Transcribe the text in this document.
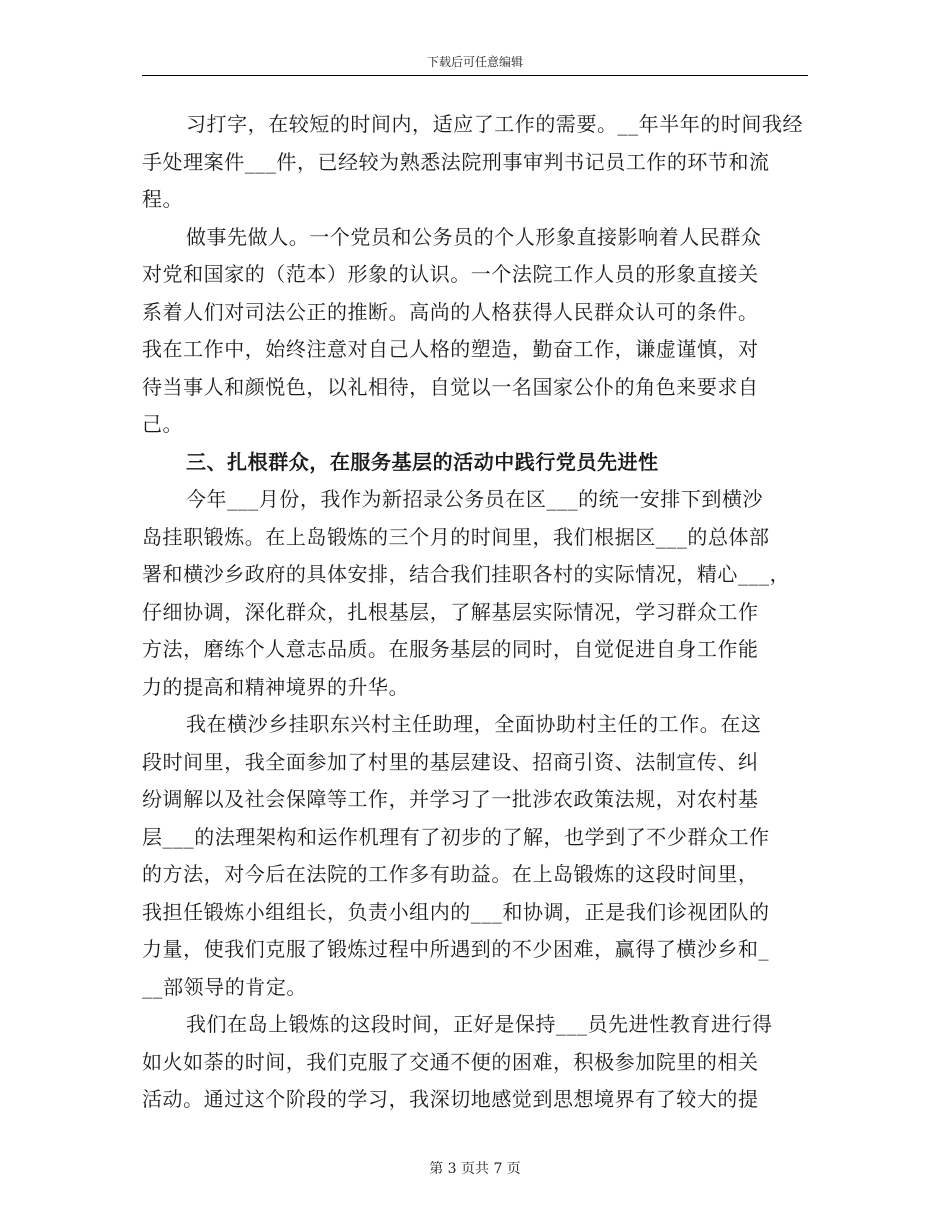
下载后可任意编辑
习打字，在较短的时间内，适应了工作的需要。__年半年的时间我经
手处理案件___件，已经较为熟悉法院刑事审判书记员工作的环节和流
程。
做事先做人。一个党员和公务员的个人形象直接影响着人民群众
对党和国家的（范本）形象的认识。一个法院工作人员的形象直接关
系着人们对司法公正的推断。高尚的人格获得人民群众认可的条件。
我在工作中，始终注意对自己人格的塑造，勤奋工作，谦虚谨慎，对
待当事人和颜悦色，以礼相待，自觉以一名国家公仆的角色来要求自
己。
三、扎根群众，在服务基层的活动中践行党员先进性
今年___月份，我作为新招录公务员在区___的统一安排下到横沙
岛挂职锻炼。在上岛锻炼的三个月的时间里，我们根据区___的总体部
署和横沙乡政府的具体安排，结合我们挂职各村的实际情况，精心___，
仔细协调，深化群众，扎根基层，了解基层实际情况，学习群众工作
方法，磨练个人意志品质。在服务基层的同时，自觉促进自身工作能
力的提高和精神境界的升华。
我在横沙乡挂职东兴村主任助理，全面协助村主任的工作。在这
段时间里，我全面参加了村里的基层建设、招商引资、法制宣传、纠
纷调解以及社会保障等工作，并学习了一批涉农政策法规，对农村基
层___的法理架构和运作机理有了初步的了解，也学到了不少群众工作
的方法，对今后在法院的工作多有助益。在上岛锻炼的这段时间里，
我担任锻炼小组组长，负责小组内的___和协调，正是我们诊视团队的
力量，使我们克服了锻炼过程中所遇到的不少困难，赢得了横沙乡和_
__部领导的肯定。
我们在岛上锻炼的这段时间，正好是保持___员先进性教育进行得
如火如荼的时间，我们克服了交通不便的困难，积极参加院里的相关
活动。通过这个阶段的学习，我深切地感觉到思想境界有了较大的提
第 3 页共 7 页
